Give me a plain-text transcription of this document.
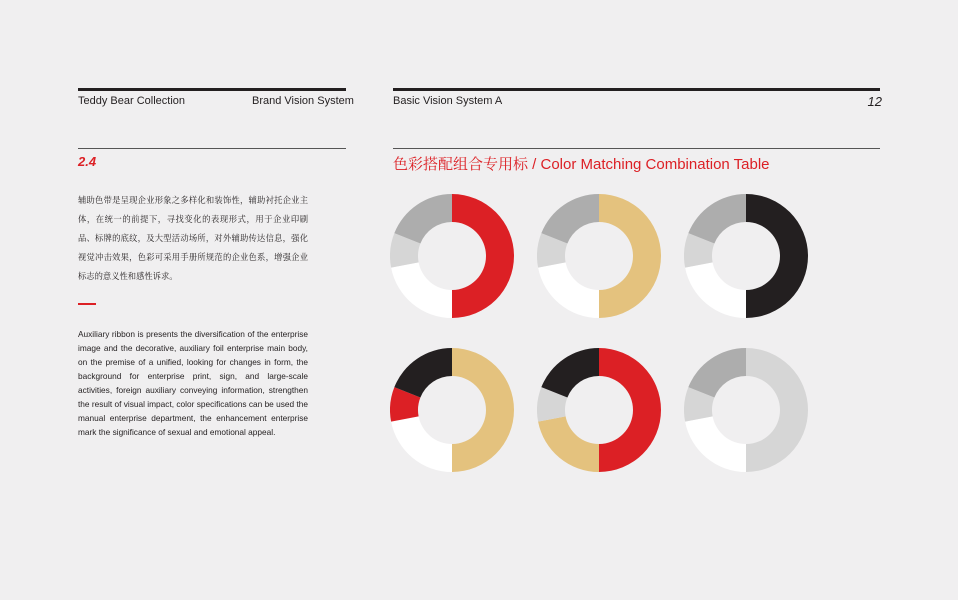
Teddy Bear Collection	Brand Vision System	Basic Vision System A	12
2.4	色彩搭配组合专用标 / Color Matching Combination Table
辅助色带是呈现企业形象之多样化和装饰性，辅助衬托企业主体，在统一的前提下，寻找变化的表现形式，用于企业印刷品、标牌的底纹，及大型活动场所，对外辅助传达信息，强化视觉冲击效果，色彩可采用手册所规范的企业色系，增强企业标志的意义性和感性诉求。
Auxiliary ribbon is presents the diversification of the enterprise image and the decorative, auxiliary foil enterprise main body, on the premise of a unified, looking for changes in form, the background for enterprise print, sign, and large-scale activities, foreign auxiliary conveying information, strengthen the result of visual impact, color specifications can be used the manual enterprise department, the enhancement enterprise mark the significance of sexual and emotional appeal.
